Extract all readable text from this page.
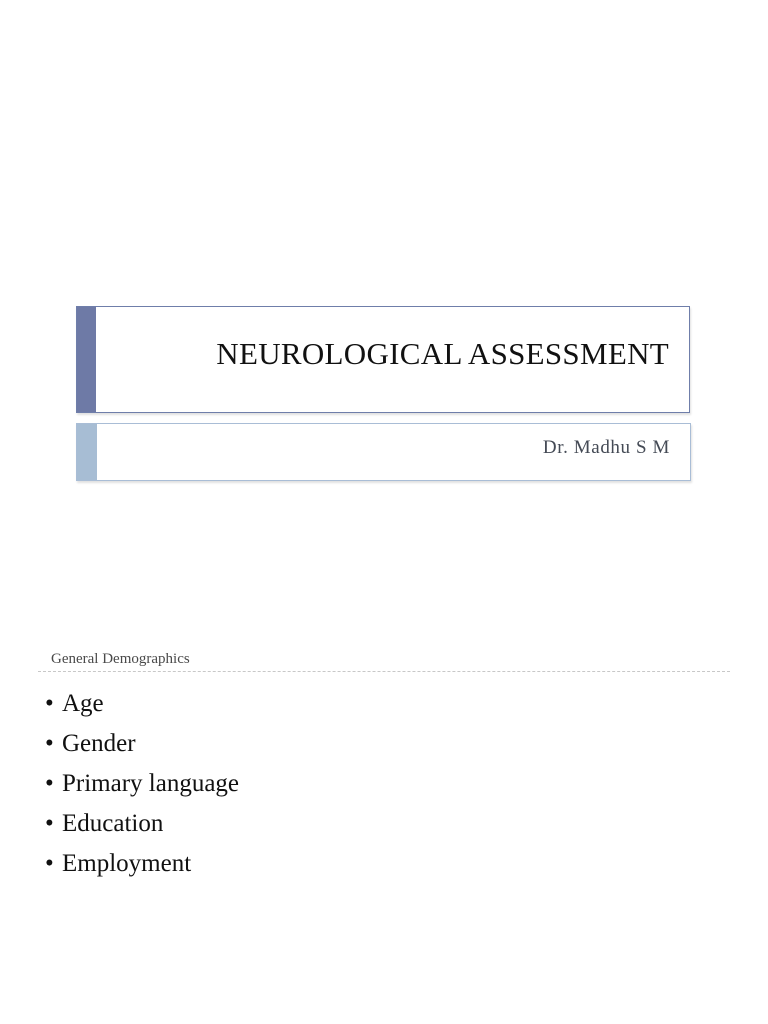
NEUROLOGICAL ASSESSMENT
Dr. Madhu S M
General Demographics
• Age
• Gender
• Primary language
• Education
• Employment
